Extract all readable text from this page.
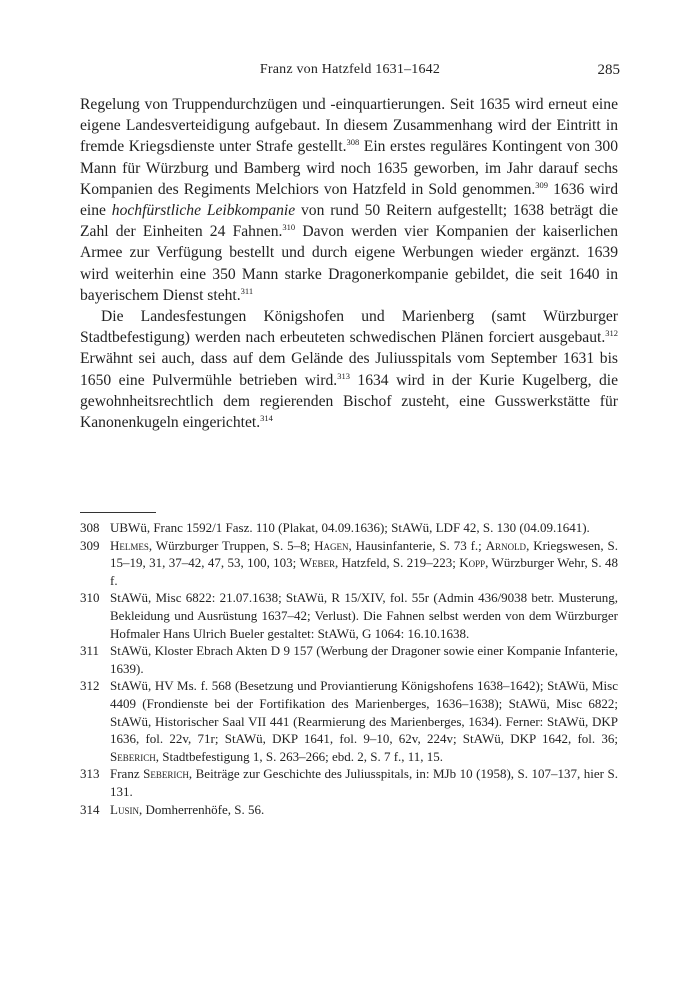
Franz von Hatzfeld 1631–1642	285

Regelung von Truppendurchzügen und -einquartierungen. Seit 1635 wird erneut eine eigene Landesverteidigung aufgebaut. In diesem Zusammenhang wird der Eintritt in fremde Kriegsdienste unter Strafe gestellt.$^{308}$ Ein erstes reguläres Kontingent von 300 Mann für Würzburg und Bamberg wird noch 1635 geworben, im Jahr darauf sechs Kompanien des Regiments Melchiors von Hatzfeld in Sold genommen.$^{309}$ 1636 wird eine hochfürstliche Leibkompanie von rund 50 Reitern aufgestellt; 1638 beträgt die Zahl der Einheiten 24 Fahnen.$^{310}$ Davon werden vier Kompanien der kaiserlichen Armee zur Verfügung bestellt und durch eigene Werbungen wieder ergänzt. 1639 wird weiterhin eine 350 Mann starke Dragonerkompanie gebildet, die seit 1640 in bayerischem Dienst steht.$^{311}$

Die Landesfestungen Königshofen und Marienberg (samt Würzburger Stadtbefestigung) werden nach erbeuteten schwedischen Plänen forciert ausgebaut.$^{312}$ Erwähnt sei auch, dass auf dem Gelände des Juliusspitals vom September 1631 bis 1650 eine Pulvermühle betrieben wird.$^{313}$ 1634 wird in der Kurie Kugelberg, die gewohnheitsrechtlich dem regierenden Bischof zusteht, eine Gusswerkstätte für Kanonenkugeln eingerichtet.$^{314}$

308 UBWü, Franc 1592/1 Fasz. 110 (Plakat, 04.09.1636); StAWü, LDF 42, S. 130 (04.09.1641).
309 Helmes, Würzburger Truppen, S. 5–8; Hagen, Hausinfanterie, S. 73 f.; Arnold, Kriegswesen, S. 15–19, 31, 37–42, 47, 53, 100, 103; Weber, Hatzfeld, S. 219–223; Kopp, Würzburger Wehr, S. 48 f.
310 StAWü, Misc 6822: 21.07.1638; StAWü, R 15/XIV, fol. 55r (Admin 436/9038 betr. Musterung, Bekleidung und Ausrüstung 1637–42; Verlust). Die Fahnen selbst werden von dem Würzburger Hofmaler Hans Ulrich Bueler gestaltet: StAWü, G 1064: 16.10.1638.
311 StAWü, Kloster Ebrach Akten D 9 157 (Werbung der Dragoner sowie einer Kompanie Infanterie, 1639).
312 StAWü, HV Ms. f. 568 (Besetzung und Proviantierung Königshofens 1638–1642); StAWü, Misc 4409 (Frondienste bei der Fortifikation des Marienberges, 1636–1638); StAWü, Misc 6822; StAWü, Historischer Saal VII 441 (Rearmierung des Marienberges, 1634). Ferner: StAWü, DKP 1636, fol. 22v, 71r; StAWü, DKP 1641, fol. 9–10, 62v, 224v; StAWü, DKP 1642, fol. 36; Seberich, Stadtbefestigung 1, S. 263–266; ebd. 2, S. 7 f., 11, 15.
313 Franz Seberich, Beiträge zur Geschichte des Juliusspitals, in: MJb 10 (1958), S. 107–137, hier S. 131.
314 Lusin, Domherrenhöfe, S. 56.
